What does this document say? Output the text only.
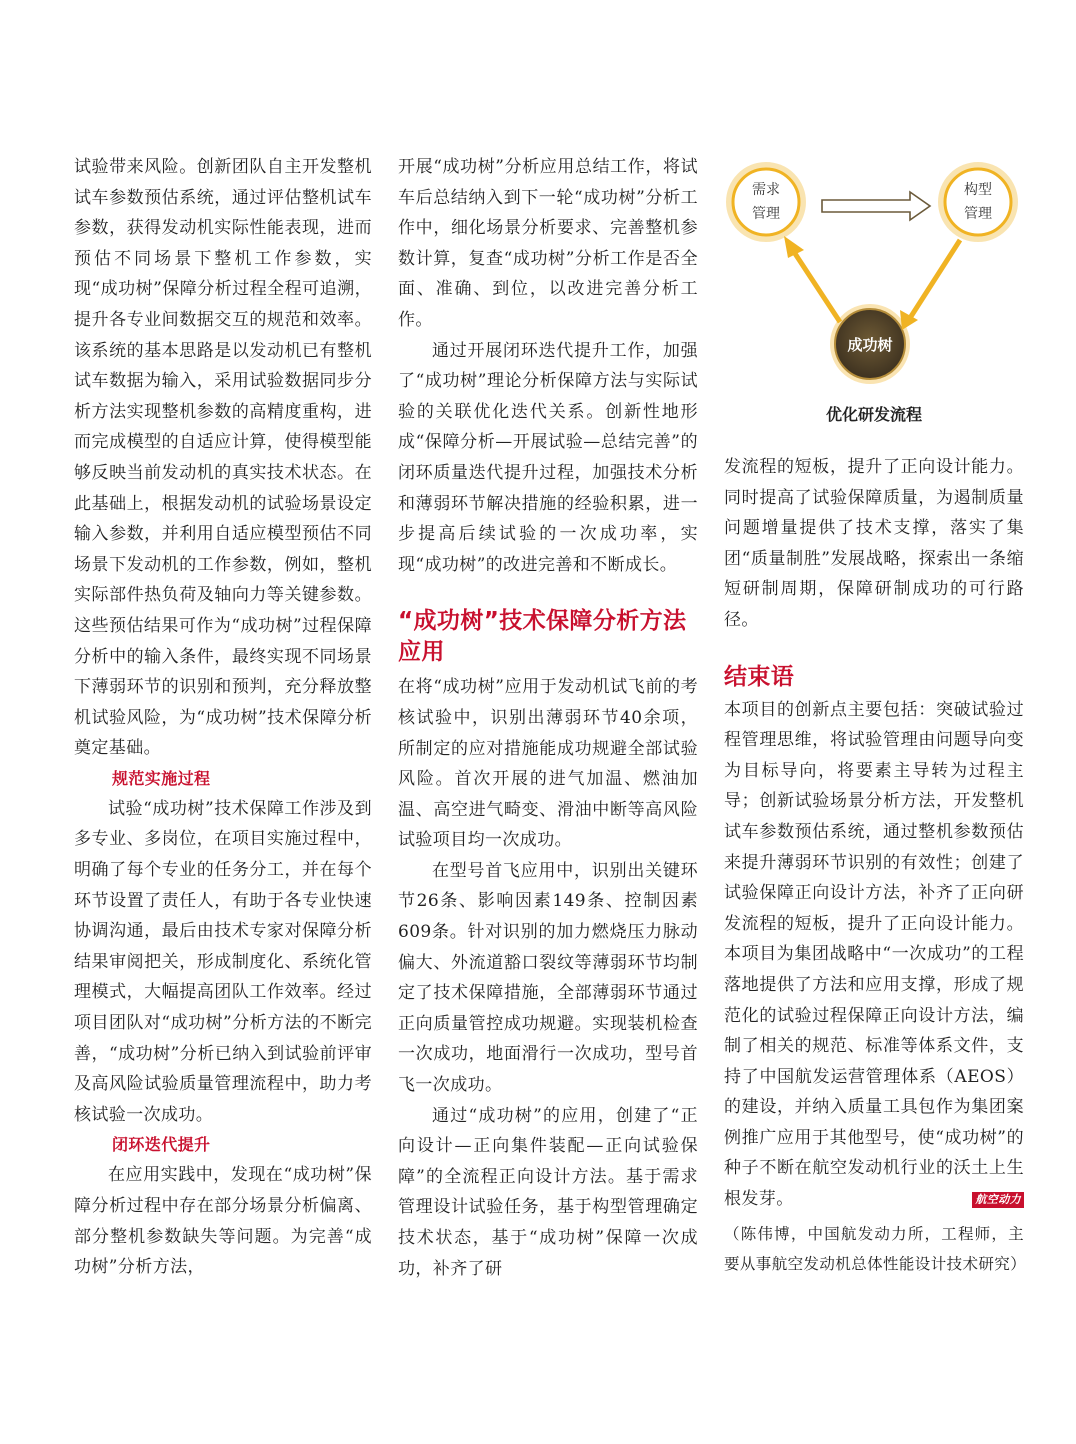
试验带来风险。创新团队自主开发整机试车参数预估系统，通过评估整机试车参数，获得发动机实际性能表现，进而预估不同场景下整机工作参数，实现“成功树”保障分析过程全程可追溯，提升各专业间数据交互的规范和效率。该系统的基本思路是以发动机已有整机试车数据为输入，采用试验数据同步分析方法实现整机参数的高精度重构，进而完成模型的自适应计算，使得模型能够反映当前发动机的真实技术状态。在此基础上，根据发动机的试验场景设定输入参数，并利用自适应模型预估不同场景下发动机的工作参数，例如，整机实际部件热负荷及轴向力等关键参数。这些预估结果可作为“成功树”过程保障分析中的输入条件，最终实现不同场景下薄弱环节的识别和预判，充分释放整机试验风险，为“成功树”技术保障分析奠定基础。

规范实施过程

试验“成功树”技术保障工作涉及到多专业、多岗位，在项目实施过程中，明确了每个专业的任务分工，并在每个环节设置了责任人，有助于各专业快速协调沟通，最后由技术专家对保障分析结果审阅把关，形成制度化、系统化管理模式，大幅提高团队工作效率。经过项目团队对“成功树”分析方法的不断完善，“成功树”分析已纳入到试验前评审及高风险试验质量管理流程中，助力考核试验一次成功。

闭环迭代提升

在应用实践中，发现在“成功树”保障分析过程中存在部分场景分析偏离、部分整机参数缺失等问题。为完善“成功树”分析方法，

开展“成功树”分析应用总结工作，将试车后总结纳入到下一轮“成功树”分析工作中，细化场景分析要求、完善整机参数计算，复查“成功树”分析工作是否全面、准确、到位，以改进完善分析工作。

通过开展闭环迭代提升工作，加强了“成功树”理论分析保障方法与实际试验的关联优化迭代关系。创新性地形成“保障分析—开展试验—总结完善”的闭环质量迭代提升过程，加强技术分析和薄弱环节解决措施的经验积累，进一步提高后续试验的一次成功率，实现“成功树”的改进完善和不断成长。

“成功树”技术保障分析方法应用

在将“成功树”应用于发动机试飞前的考核试验中，识别出薄弱环节40余项，所制定的应对措施能成功规避全部试验风险。首次开展的进气加温、燃油加温、高空进气畸变、滑油中断等高风险试验项目均一次成功。

在型号首飞应用中，识别出关键环节26条、影响因素149条、控制因素609条。针对识别的加力燃烧压力脉动偏大、外流道豁口裂纹等薄弱环节均制定了技术保障措施，全部薄弱环节通过正向质量管控成功规避。实现装机检查一次成功，地面滑行一次成功，型号首飞一次成功。

通过“成功树”的应用，创建了“正向设计—正向集件装配—正向试验保障”的全流程正向设计方法。基于需求管理设计试验任务，基于构型管理确定技术状态，基于“成功树”保障一次成功，补齐了研

需求
管理
构型
管理
成功树
优化研发流程

发流程的短板，提升了正向设计能力。同时提高了试验保障质量，为遏制质量问题增量提供了技术支撑，落实了集团“质量制胜”发展战略，探索出一条缩短研制周期，保障研制成功的可行路径。

结束语

本项目的创新点主要包括：突破试验过程管理思维，将试验管理由问题导向变为目标导向，将要素主导转为过程主导；创新试验场景分析方法，开发整机试车参数预估系统，通过整机参数预估来提升薄弱环节识别的有效性；创建了试验保障正向设计方法，补齐了正向研发流程的短板，提升了正向设计能力。本项目为集团战略中“一次成功”的工程落地提供了方法和应用支撑，形成了规范化的试验过程保障正向设计方法，编制了相关的规范、标准等体系文件，支持了中国航发运营管理体系（AEOS）的建设，并纳入质量工具包作为集团案例推广应用于其他型号，使“成功树”的种子不断在航空发动机行业的沃土上生根发芽。	航空动力

（陈伟博，中国航发动力所，工程师，主要从事航空发动机总体性能设计技术研究）
